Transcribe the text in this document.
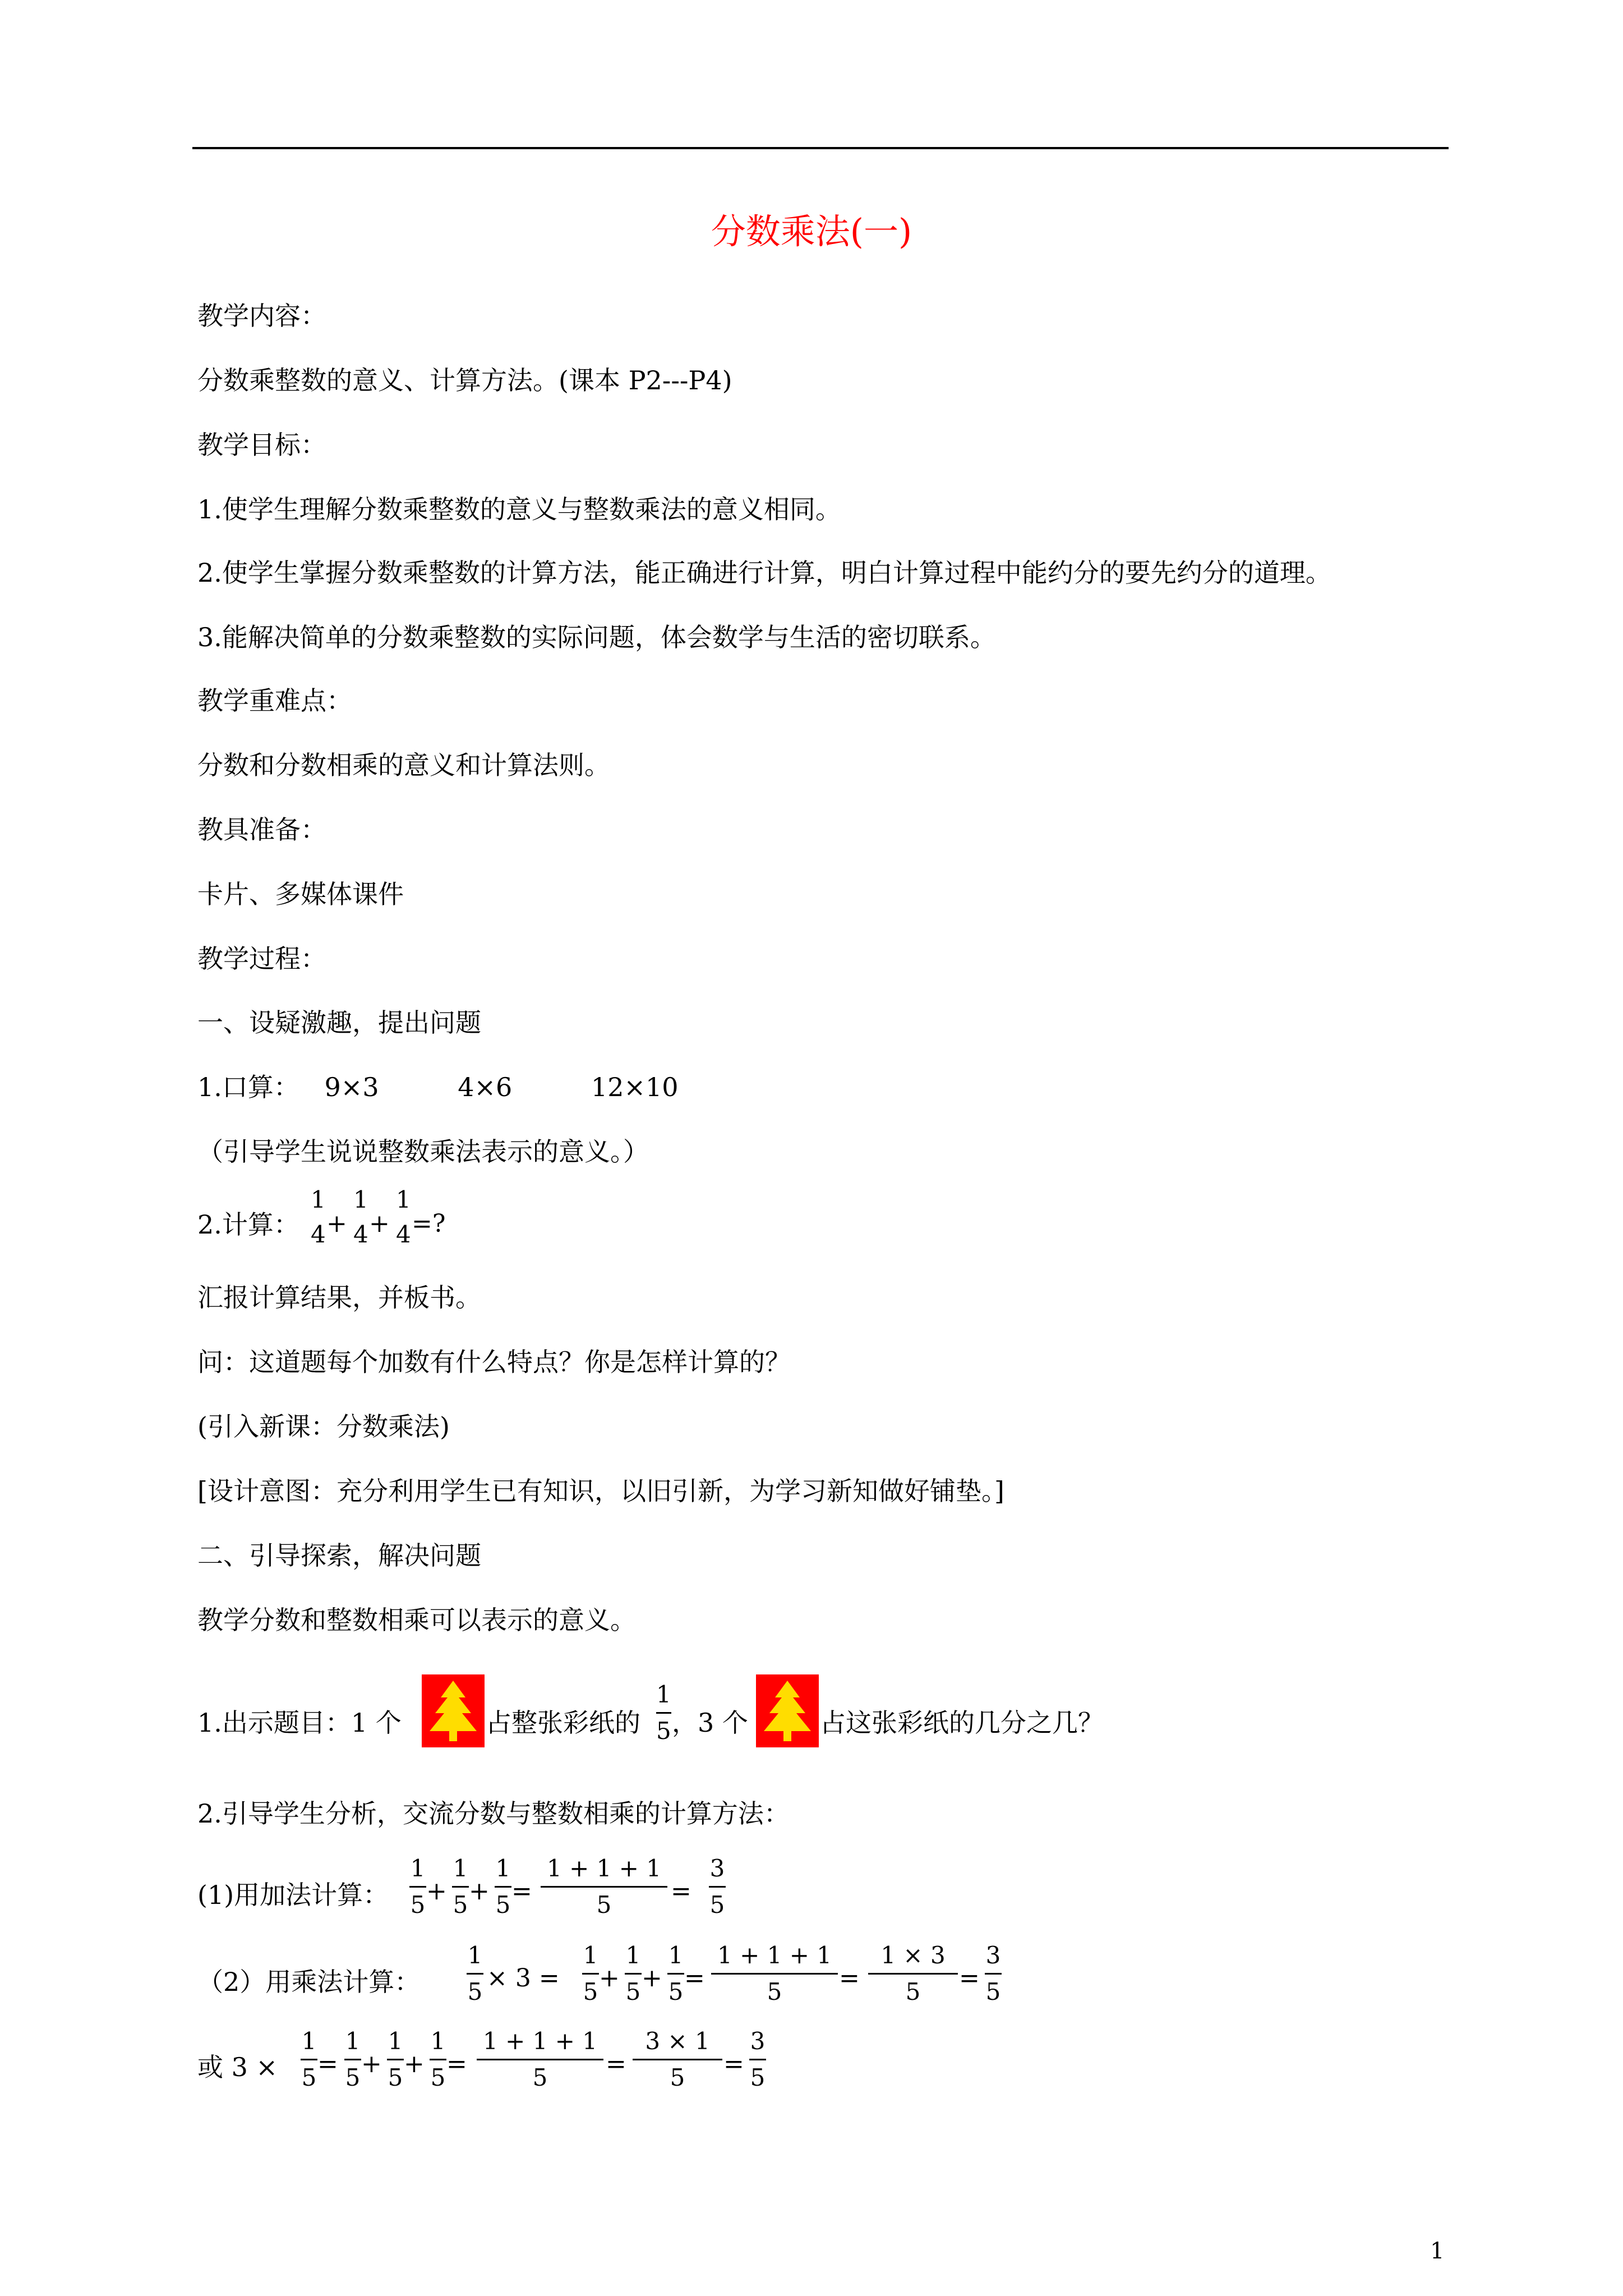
分数乘法(一)
教学内容：
分数乘整数的意义、计算方法。(课本 P2---P4)
教学目标：
1.使学生理解分数乘整数的意义与整数乘法的意义相同。
2.使学生掌握分数乘整数的计算方法，能正确进行计算，明白计算过程中能约分的要先约分的道理。
3.能解决简单的分数乘整数的实际问题，体会数学与生活的密切联系。
教学重难点：
分数和分数相乘的意义和计算法则。
教具准备：
卡片、多媒体课件
教学过程：
一、设疑激趣，提出问题
1.口算： 9×3	4×6	12×10
（引导学生说说整数乘法表示的意义。）
2.计算：
1
4 +
1
4 +
1
4 =?
汇报计算结果，并板书。
问：这道题每个加数有什么特点？你是怎样计算的？
(引入新课：分数乘法)
[设计意图：充分利用学生已有知识，以旧引新，为学习新知做好铺垫。]
二、引导探索，解决问题
教学分数和整数相乘可以表示的意义。
1.出示题目：1 个	占整张彩纸的 $\frac{1}{5}$ ，3 个	占这张彩纸的几分之几？
2.引导学生分析，交流分数与整数相乘的计算方法：
(1)用加法计算： $\frac{1}{5} + \frac{1}{5} + \frac{1}{5} = \frac{1 + 1 + 1}{5} = \frac{3}{5}$
（2）用乘法计算： $\frac{1}{5} \times 3 = \frac{1}{5} + \frac{1}{5} + \frac{1}{5} = \frac{1 + 1 + 1}{5} = \frac{1 \times 3}{5} = \frac{3}{5}$
或 $3 \times \frac{1}{5} = \frac{1}{5} + \frac{1}{5} + \frac{1}{5} = \frac{1 + 1 + 1}{5} = \frac{3 \times 1}{5} = \frac{3}{5}$
1
